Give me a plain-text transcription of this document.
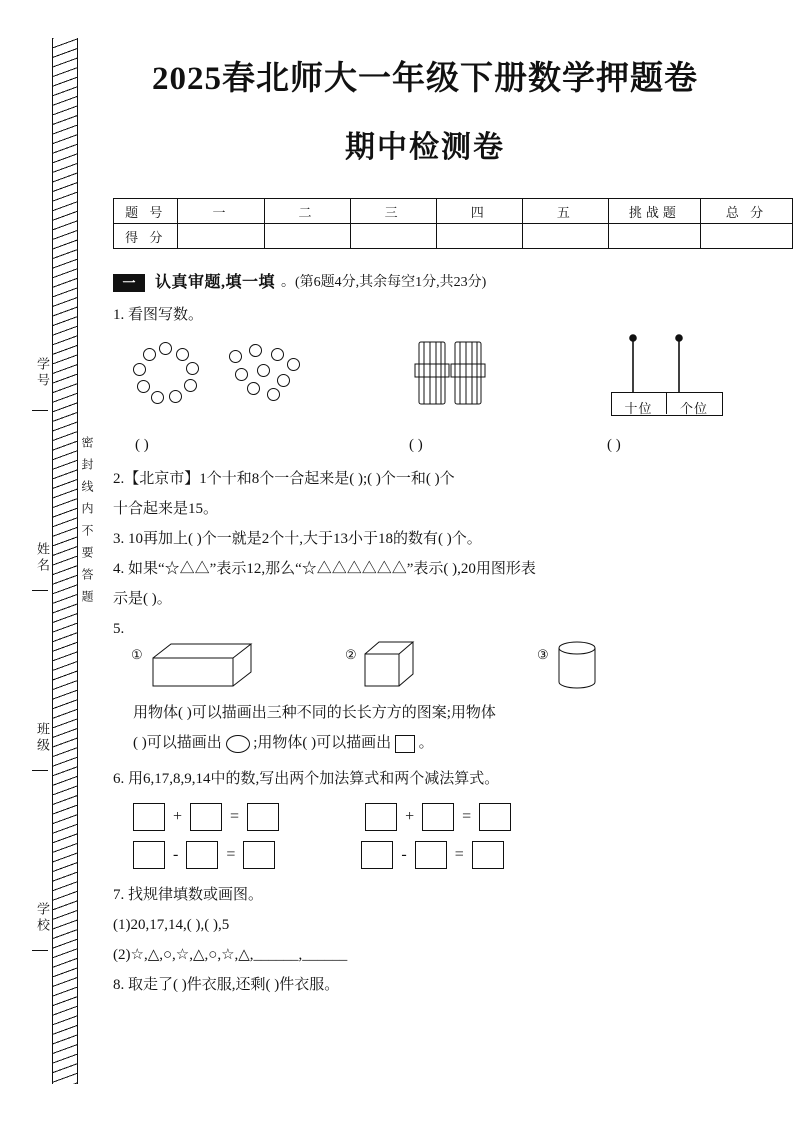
学号
姓名
班级
学校
密封线内不要答题
2025春北师大一年级下册数学押题卷
期中检测卷
题 号	一	二	三	四	五	挑战题	总 分
得 分							
一	认真审题,填一填 。(第6题4分,其余每空1分,共23分)
1. 看图写数。
十位	个位
( )	( )	( )
2.【北京市】1个十和8个一合起来是( );( )个一和( )个
十合起来是15。
3. 10再加上( )个一就是2个十,大于13小于18的数有( )个。
4. 如果“☆△△”表示12,那么“☆△△△△△△”表示( ),20用图形表
示是( )。
5.
①	②	③
用物体( )可以描画出三种不同的长长方方的图案;用物体
( )可以描画出 ;用物体( )可以描画出 。
6. 用6,17,8,9,14中的数,写出两个加法算式和两个减法算式。
+	=	+	=
-	=	-	=
7. 找规律填数或画图。
(1)20,17,14,( ),( ),5
(2)☆,△,○,☆,△,○,☆,△,______,______
8. 取走了( )件衣服,还剩( )件衣服。
